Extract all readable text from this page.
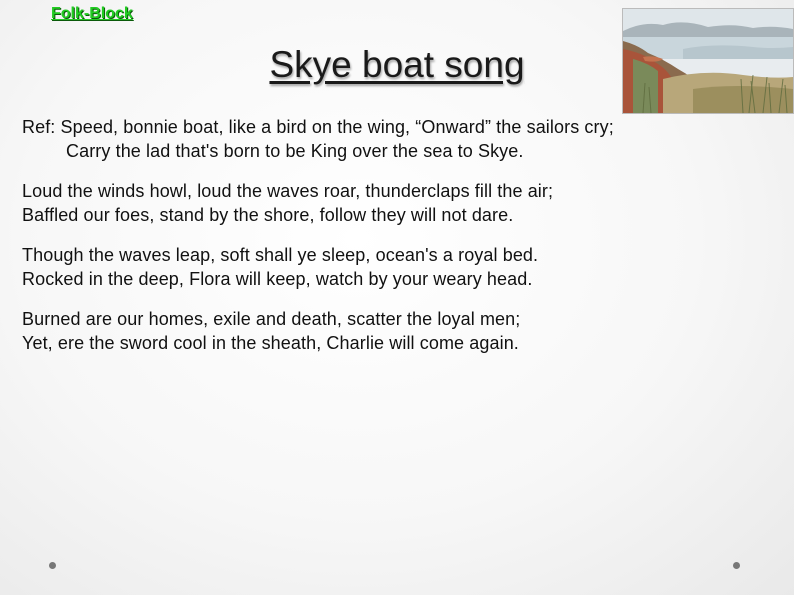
Folk-Block
Skye boat song
Ref: Speed, bonnie boat, like a bird on the wing, “Onward” the sailors cry;
Carry the lad that's born to be King over the sea to Skye.
Loud the winds howl, loud the waves roar, thunderclaps fill the air;
Baffled our foes, stand by the shore, follow they will not dare.
Though the waves leap, soft shall ye sleep, ocean's a royal bed.
Rocked in the deep, Flora will keep, watch by your weary head.
Burned are our homes, exile and death, scatter the loyal men;
Yet, ere the sword cool in the sheath, Charlie will come again.
